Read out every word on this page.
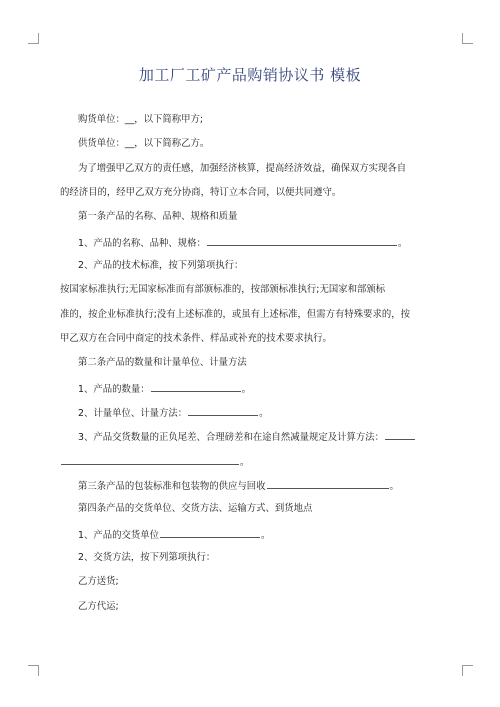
加工厂工矿产品购销协议书 模板
购货单位：__，以下简称甲方;
供货单位：__，以下简称乙方。
为了增强甲乙双方的责任感，加强经济核算，提高经济效益，确保双方实现各自
的经济目的，经甲乙双方充分协商，特订立本合同，以便共同遵守。
第一条产品的名称、品种、规格和质量
1、产品的名称、品种、规格：	。
2、产品的技术标准，按下列第项执行：
按国家标准执行;无国家标准而有部颁标准的，按部颁标准执行;无国家和部颁标
准的，按企业标准执行;没有上述标准的，或虽有上述标准，但需方有特殊要求的，按
甲乙双方在合同中商定的技术条件、样品或补充的技术要求执行。
第二条产品的数量和计量单位、计量方法
1、产品的数量：	。
2、计量单位、计量方法：	。
3、产品交货数量的正负尾差、合理磅差和在途自然减量规定及计算方法：
。
第三条产品的包装标准和包装物的供应与回收	。
第四条产品的交货单位、交货方法、运输方式、到货地点
1、产品的交货单位	。
2、交货方法，按下列第项执行：
乙方送货;
乙方代运;
